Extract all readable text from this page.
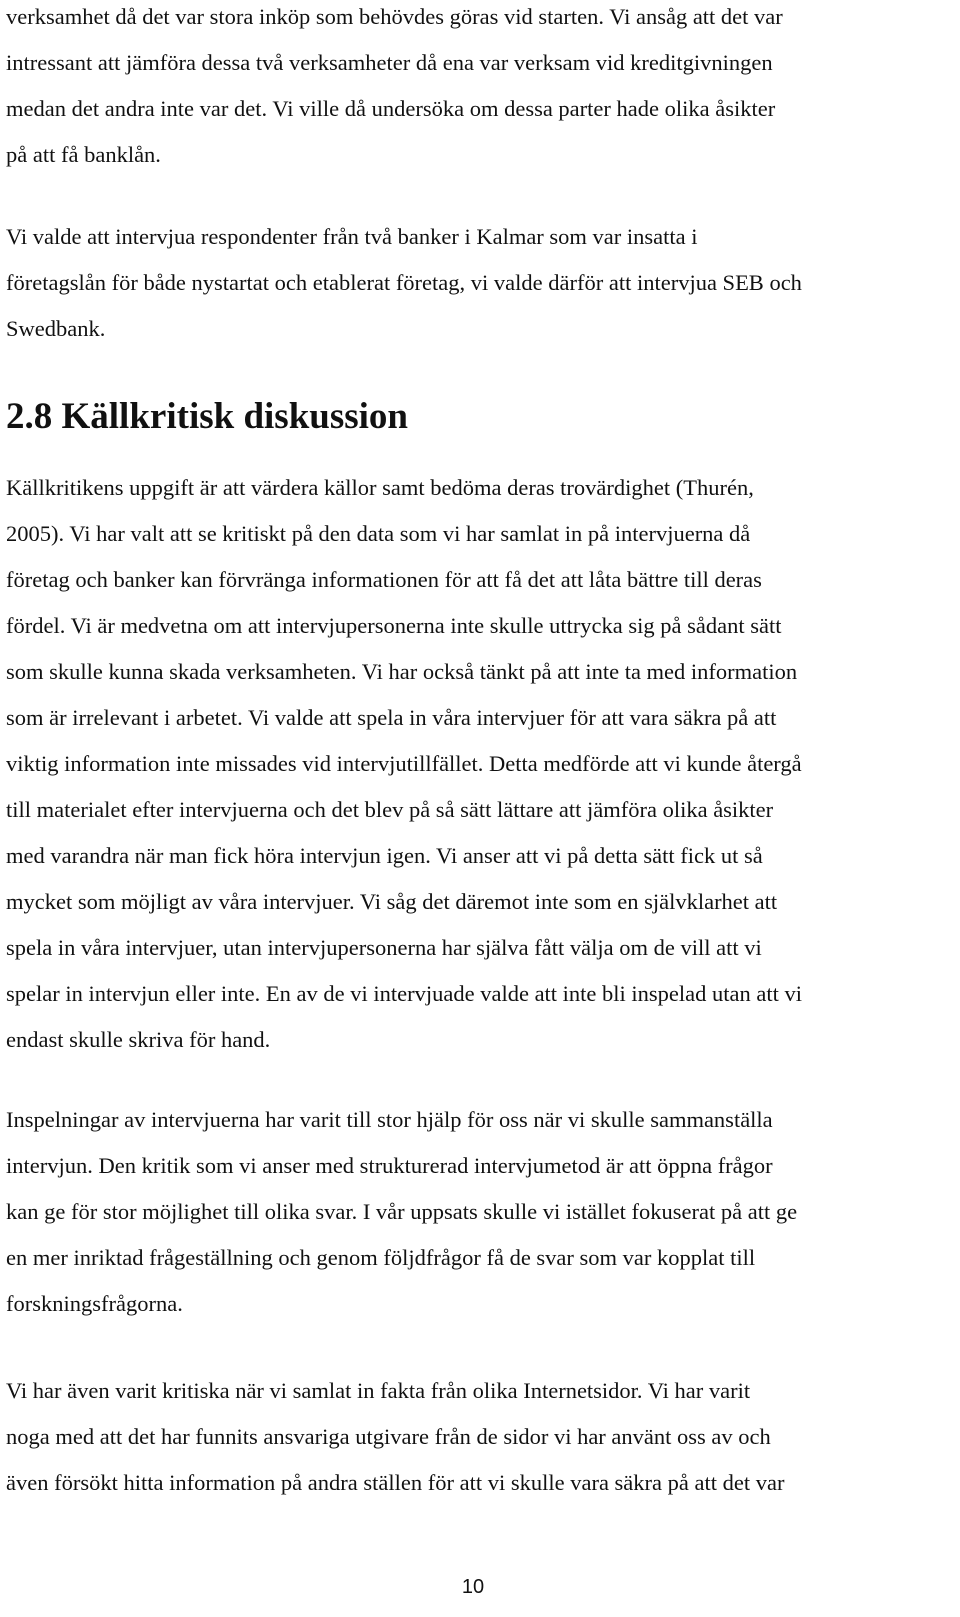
verksamhet då det var stora inköp som behövdes göras vid starten. Vi ansåg att det var
intressant att jämföra dessa två verksamheter då ena var verksam vid kreditgivningen
medan det andra inte var det. Vi ville då undersöka om dessa parter hade olika åsikter
på att få banklån.

Vi valde att intervjua respondenter från två banker i Kalmar som var insatta i
företagslån för både nystartat och etablerat företag, vi valde därför att intervjua SEB och
Swedbank.

2.8 Källkritisk diskussion

Källkritikens uppgift är att värdera källor samt bedöma deras trovärdighet (Thurén,
2005). Vi har valt att se kritiskt på den data som vi har samlat in på intervjuerna då
företag och banker kan förvränga informationen för att få det att låta bättre till deras
fördel. Vi är medvetna om att intervjupersonerna inte skulle uttrycka sig på sådant sätt
som skulle kunna skada verksamheten. Vi har också tänkt på att inte ta med information
som är irrelevant i arbetet. Vi valde att spela in våra intervjuer för att vara säkra på att
viktig information inte missades vid intervjutillfället. Detta medförde att vi kunde återgå
till materialet efter intervjuerna och det blev på så sätt lättare att jämföra olika åsikter
med varandra när man fick höra intervjun igen. Vi anser att vi på detta sätt fick ut så
mycket som möjligt av våra intervjuer. Vi såg det däremot inte som en självklarhet att
spela in våra intervjuer, utan intervjupersonerna har själva fått välja om de vill att vi
spelar in intervjun eller inte. En av de vi intervjuade valde att inte bli inspelad utan att vi
endast skulle skriva för hand.

Inspelningar av intervjuerna har varit till stor hjälp för oss när vi skulle sammanställa
intervjun. Den kritik som vi anser med strukturerad intervjumetod är att öppna frågor
kan ge för stor möjlighet till olika svar. I vår uppsats skulle vi istället fokuserat på att ge
en mer inriktad frågeställning och genom följdfrågor få de svar som var kopplat till
forskningsfrågorna.

Vi har även varit kritiska när vi samlat in fakta från olika Internetsidor. Vi har varit
noga med att det har funnits ansvariga utgivare från de sidor vi har använt oss av och
även försökt hitta information på andra ställen för att vi skulle vara säkra på att det var

10
